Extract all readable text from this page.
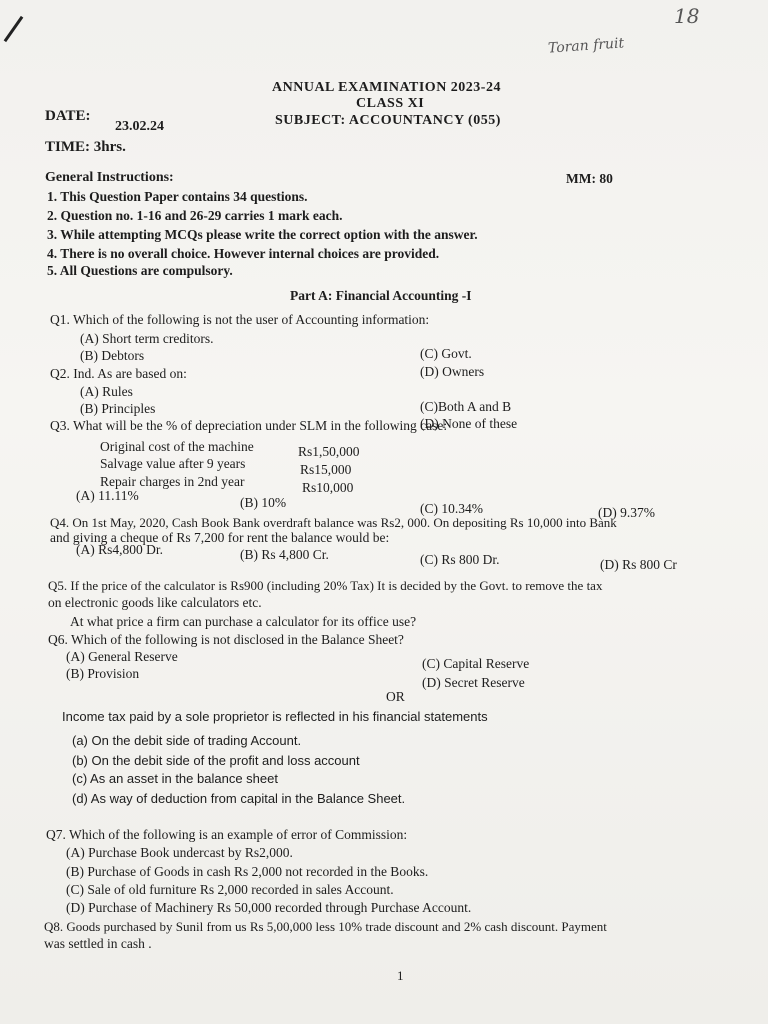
18
Toran fruit
ANNUAL EXAMINATION 2023-24
CLASS XI
SUBJECT: ACCOUNTANCY (055)
DATE:
23.02.24
TIME: 3hrs.
MM: 80
General Instructions:
1. This Question Paper contains 34 questions.
2. Question no. 1-16 and 26-29 carries 1 mark each.
3. While attempting MCQs please write the correct option with the answer.
4. There is no overall choice. However internal choices are provided.
5. All Questions are compulsory.
Part A: Financial Accounting -I
Q1. Which of the following is not the user of Accounting information:
(A) Short term creditors.
(B) Debtors	(C) Govt.
(D) Owners
Q2. Ind. As are based on:
(A) Rules
(B) Principles	(C)Both A and B
(D) None of these
Q3. What will be the % of depreciation under SLM in the following case:
Original cost of the machine	Rs1,50,000
Salvage value after 9 years	Rs15,000
Repair charges in 2nd year	Rs10,000
(A) 11.11%	(B) 10%	(C) 10.34%	(D) 9.37%
Q4. On 1st May, 2020, Cash Book Bank overdraft balance was Rs2, 000. On depositing Rs 10,000 into Bank
and giving a cheque of Rs 7,200 for rent the balance would be:
(A) Rs4,800 Dr.	(B) Rs 4,800 Cr.	(C) Rs 800 Dr.	(D) Rs 800 Cr
Q5. If the price of the calculator is Rs900 (including 20% Tax) It is decided by the Govt. to remove the tax
on electronic goods like calculators etc.
At what price a firm can purchase a calculator for its office use?
Q6. Which of the following is not disclosed in the Balance Sheet?
(A) General Reserve
(B) Provision
(C) Capital Reserve
(D) Secret Reserve
OR
Income tax paid by a sole proprietor is reflected in his financial statements
(a) On the debit side of trading Account.
(b) On the debit side of the profit and loss account
(c) As an asset in the balance sheet
(d) As way of deduction from capital in the Balance Sheet.
Q7. Which of the following is an example of error of Commission:
(A) Purchase Book undercast by Rs2,000.
(B) Purchase of Goods in cash Rs 2,000 not recorded in the Books.
(C) Sale of old furniture Rs 2,000 recorded in sales Account.
(D) Purchase of Machinery Rs 50,000 recorded through Purchase Account.
Q8. Goods purchased by Sunil from us Rs 5,00,000 less 10% trade discount and 2% cash discount. Payment
was settled in cash .
1
